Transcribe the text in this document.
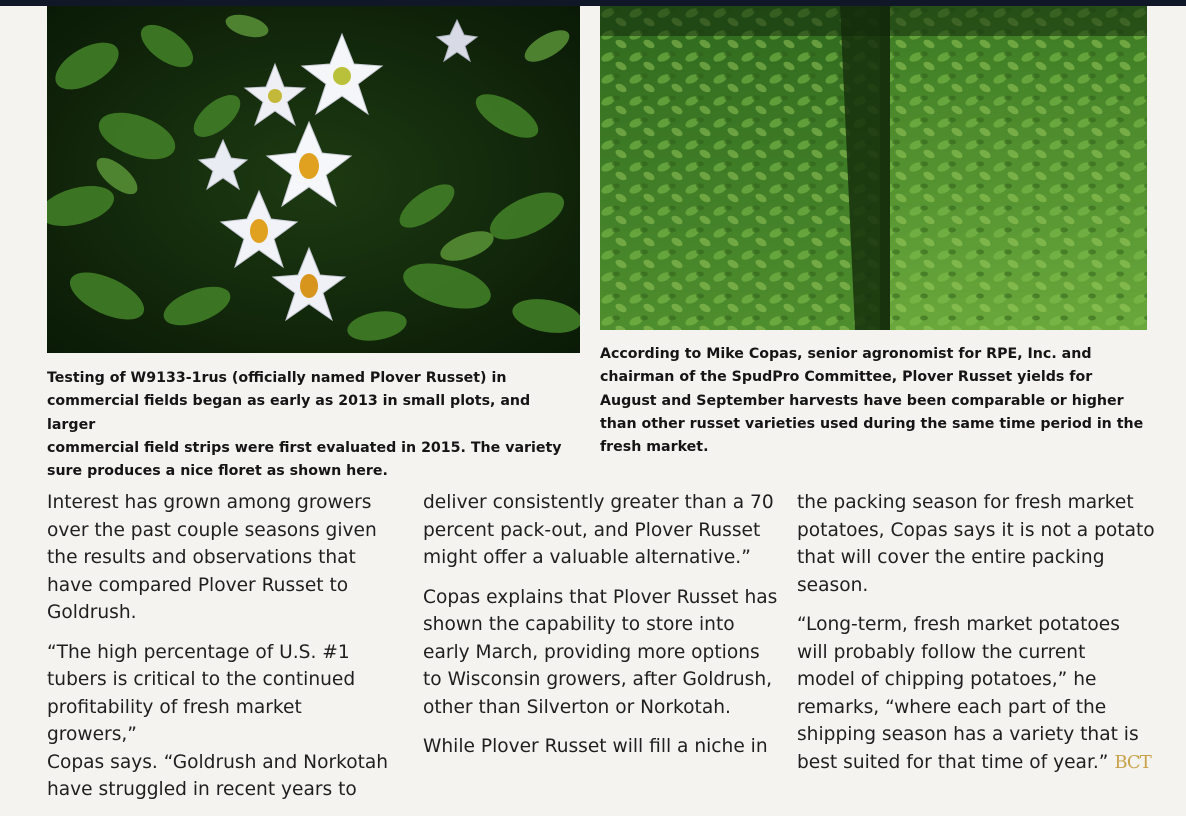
Testing of W9133-1rus (officially named Plover Russet) in
commercial fields began as early as 2013 in small plots, and larger
commercial field strips were first evaluated in 2015. The variety
sure produces a nice floret as shown here.
According to Mike Copas, senior agronomist for RPE, Inc. and
chairman of the SpudPro Committee, Plover Russet yields for
August and September harvests have been comparable or higher
than other russet varieties used during the same time period in the
fresh market.

Interest has grown among growers
over the past couple seasons given
the results and observations that
have compared Plover Russet to
Goldrush.

“The high percentage of U.S. #1
tubers is critical to the continued
profitability of fresh market growers,”
Copas says. “Goldrush and Norkotah
have struggled in recent years to

deliver consistently greater than a 70
percent pack-out, and Plover Russet
might offer a valuable alternative.”

Copas explains that Plover Russet has
shown the capability to store into
early March, providing more options
to Wisconsin growers, after Goldrush,
other than Silverton or Norkotah.

While Plover Russet will fill a niche in

the packing season for fresh market
potatoes, Copas says it is not a potato
that will cover the entire packing
season.

“Long-term, fresh market potatoes
will probably follow the current
model of chipping potatoes,” he
remarks, “where each part of the
shipping season has a variety that is
best suited for that time of year.” BCT
